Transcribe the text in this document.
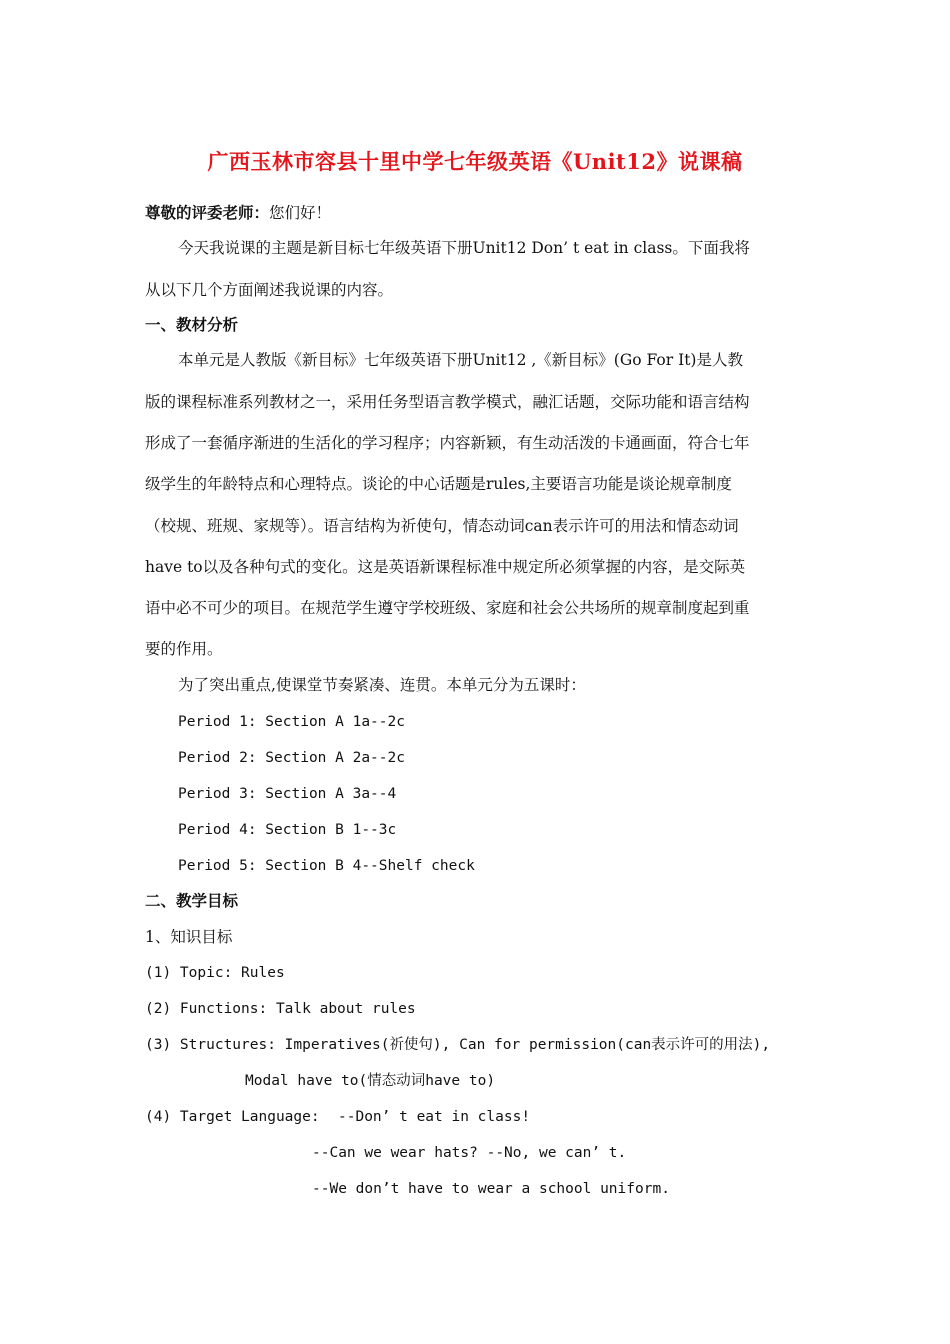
广西玉林市容县十里中学七年级英语《Unit12》说课稿
尊敬的评委老师：您们好！
今天我说课的主题是新目标七年级英语下册Unit12 Don’ t eat in class。下面我将
从以下几个方面阐述我说课的内容。
一、教材分析
本单元是人教版《新目标》七年级英语下册Unit12 ,《新目标》(Go For It)是人教
版的课程标准系列教材之一，采用任务型语言教学模式，融汇话题，交际功能和语言结构
形成了一套循序渐进的生活化的学习程序；内容新颖，有生动活泼的卡通画面，符合七年
级学生的年龄特点和心理特点。谈论的中心话题是rules,主要语言功能是谈论规章制度
（校规、班规、家规等）。语言结构为祈使句，情态动词can表示许可的用法和情态动词
have to以及各种句式的变化。这是英语新课程标准中规定所必须掌握的内容，是交际英
语中必不可少的项目。在规范学生遵守学校班级、家庭和社会公共场所的规章制度起到重
要的作用。
为了突出重点,使课堂节奏紧凑、连贯。本单元分为五课时：
Period 1: Section A 1a--2c
Period 2: Section A 2a--2c
Period 3: Section A 3a--4
Period 4: Section B 1--3c
Period 5: Section B 4--Shelf check
二、教学目标
1、知识目标
(1) Topic: Rules
(2) Functions: Talk about rules
(3) Structures: Imperatives(祈使句), Can for permission(can表示许可的用法),
Modal have to(情态动词have to)
(4) Target Language: --Don’ t eat in class!
--Can we wear hats? --No, we can’ t.
--We don’t have to wear a school uniform.
